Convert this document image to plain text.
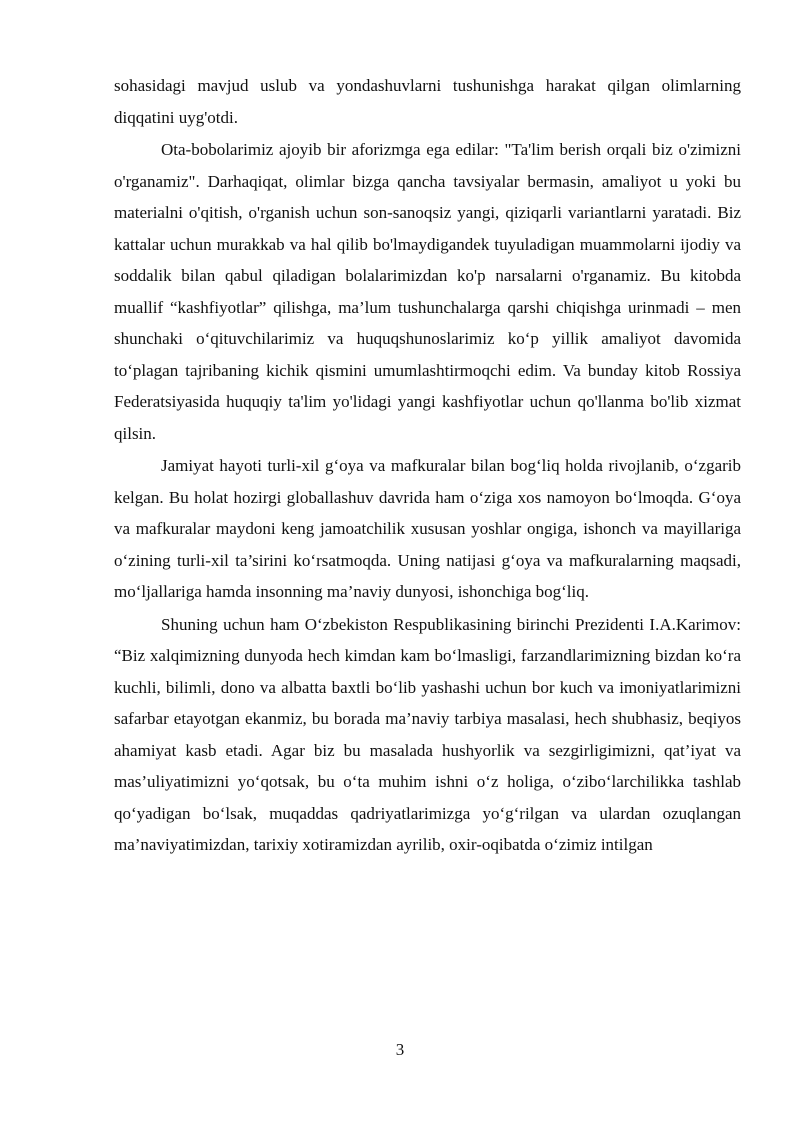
sohasidagi mavjud uslub va yondashuvlarni tushunishga harakat qilgan olimlarning diqqatini uyg'otdi.

Ota-bobolarimiz ajoyib bir aforizmga ega edilar: "Ta'lim berish orqali biz o'zimizni o'rganamiz". Darhaqiqat, olimlar bizga qancha tavsiyalar bermasin, amaliyot u yoki bu materialni o'qitish, o'rganish uchun son-sanoqsiz yangi, qiziqarli variantlarni yaratadi. Biz kattalar uchun murakkab va hal qilib bo'lmaydigandek tuyuladigan muammolarni ijodiy va soddalik bilan qabul qiladigan bolalarimizdan ko'p narsalarni o'rganamiz. Bu kitobda muallif “kashfiyotlar” qilishga, ma’lum tushunchalarga qarshi chiqishga urinmadi – men shunchaki o‘qituvchilarimiz va huquqshunoslarimiz ko‘p yillik amaliyot davomida to‘plagan tajribaning kichik qismini umumlashtirmoqchi edim. Va bunday kitob Rossiya Federatsiyasida huquqiy ta'lim yo'lidagi yangi kashfiyotlar uchun qo'llanma bo'lib xizmat qilsin.

Jamiyat hayoti turli-xil g‘oya va mafkuralar bilan bog‘liq holda rivojlanib, o‘zgarib kelgan. Bu holat hozirgi globallashuv davrida ham o‘ziga xos namoyon bo‘lmoqda. G‘oya va mafkuralar maydoni keng jamoatchilik xususan yoshlar ongiga, ishonch va mayillariga o‘zining turli-xil ta’sirini ko‘rsatmoqda. Uning natijasi g‘oya va mafkuralarning maqsadi, mo‘ljallariga hamda insonning ma’naviy dunyosi, ishonchiga bog‘liq.

Shuning uchun ham O‘zbekiston Respublikasining birinchi Prezidenti I.A.Karimov: “Biz xalqimizning dunyoda hech kimdan kam bo‘lmasligi, farzandlarimizning bizdan ko‘ra kuchli, bilimli, dono va albatta baxtli bo‘lib yashashi uchun bor kuch va imoniyatlarimizni safarbar etayotgan ekanmiz, bu borada ma’naviy tarbiya masalasi, hech shubhasiz, beqiyos ahamiyat kasb etadi. Agar biz bu masalada hushyorlik va sezgirligimizni, qat’iyat va mas’uliyatimizni yo‘qotsak, bu o‘ta muhim ishni o‘z holiga, o‘zibo‘larchilikka tashlab qo‘yadigan bo‘lsak, muqaddas qadriyatlarimizga yo‘g‘rilgan va ulardan ozuqlangan ma’naviyatimizdan, tarixiy xotiramizdan ayrilib, oxir-oqibatda o‘zimiz intilgan

3
